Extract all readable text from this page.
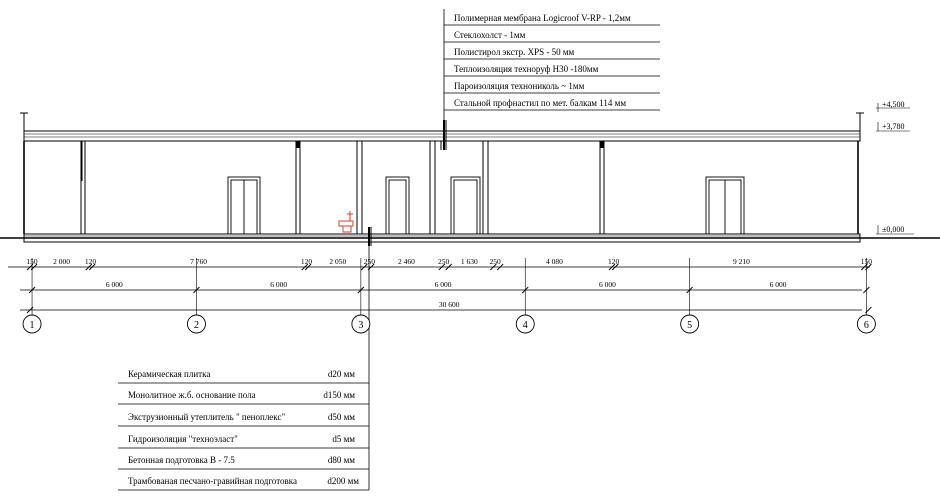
+4,500
+3,780
±0,000
150 2 000 120	7 760	120 2 050 250	2 460	250 1 630 250	4 080	120	9 210	150
6 000	6 000	6 000	6 000	6 000
30 600
1	2	3	4	5	6
Полимерная мембрана Logicroof V-RP - 1,2мм
Стеклохолст - 1мм
Полистирол экстр. XPS - 50 мм
Теплоизоляция техноруф Н30 -180мм
Пароизоляция технониколь ~ 1мм
Стальной профнастил по мет. балкам 114 мм
Керамическая плитка	d20 мм
Монолитное ж.б. основание пола	d150 мм
Экструзионный утеплитель " пеноплекс"	d50 мм
Гидроизоляция "техноэласт"	d5 мм
Бетонная подготовка В - 7.5	d80 мм
Трамбованая песчано-гравийная подготовка	d200 мм
